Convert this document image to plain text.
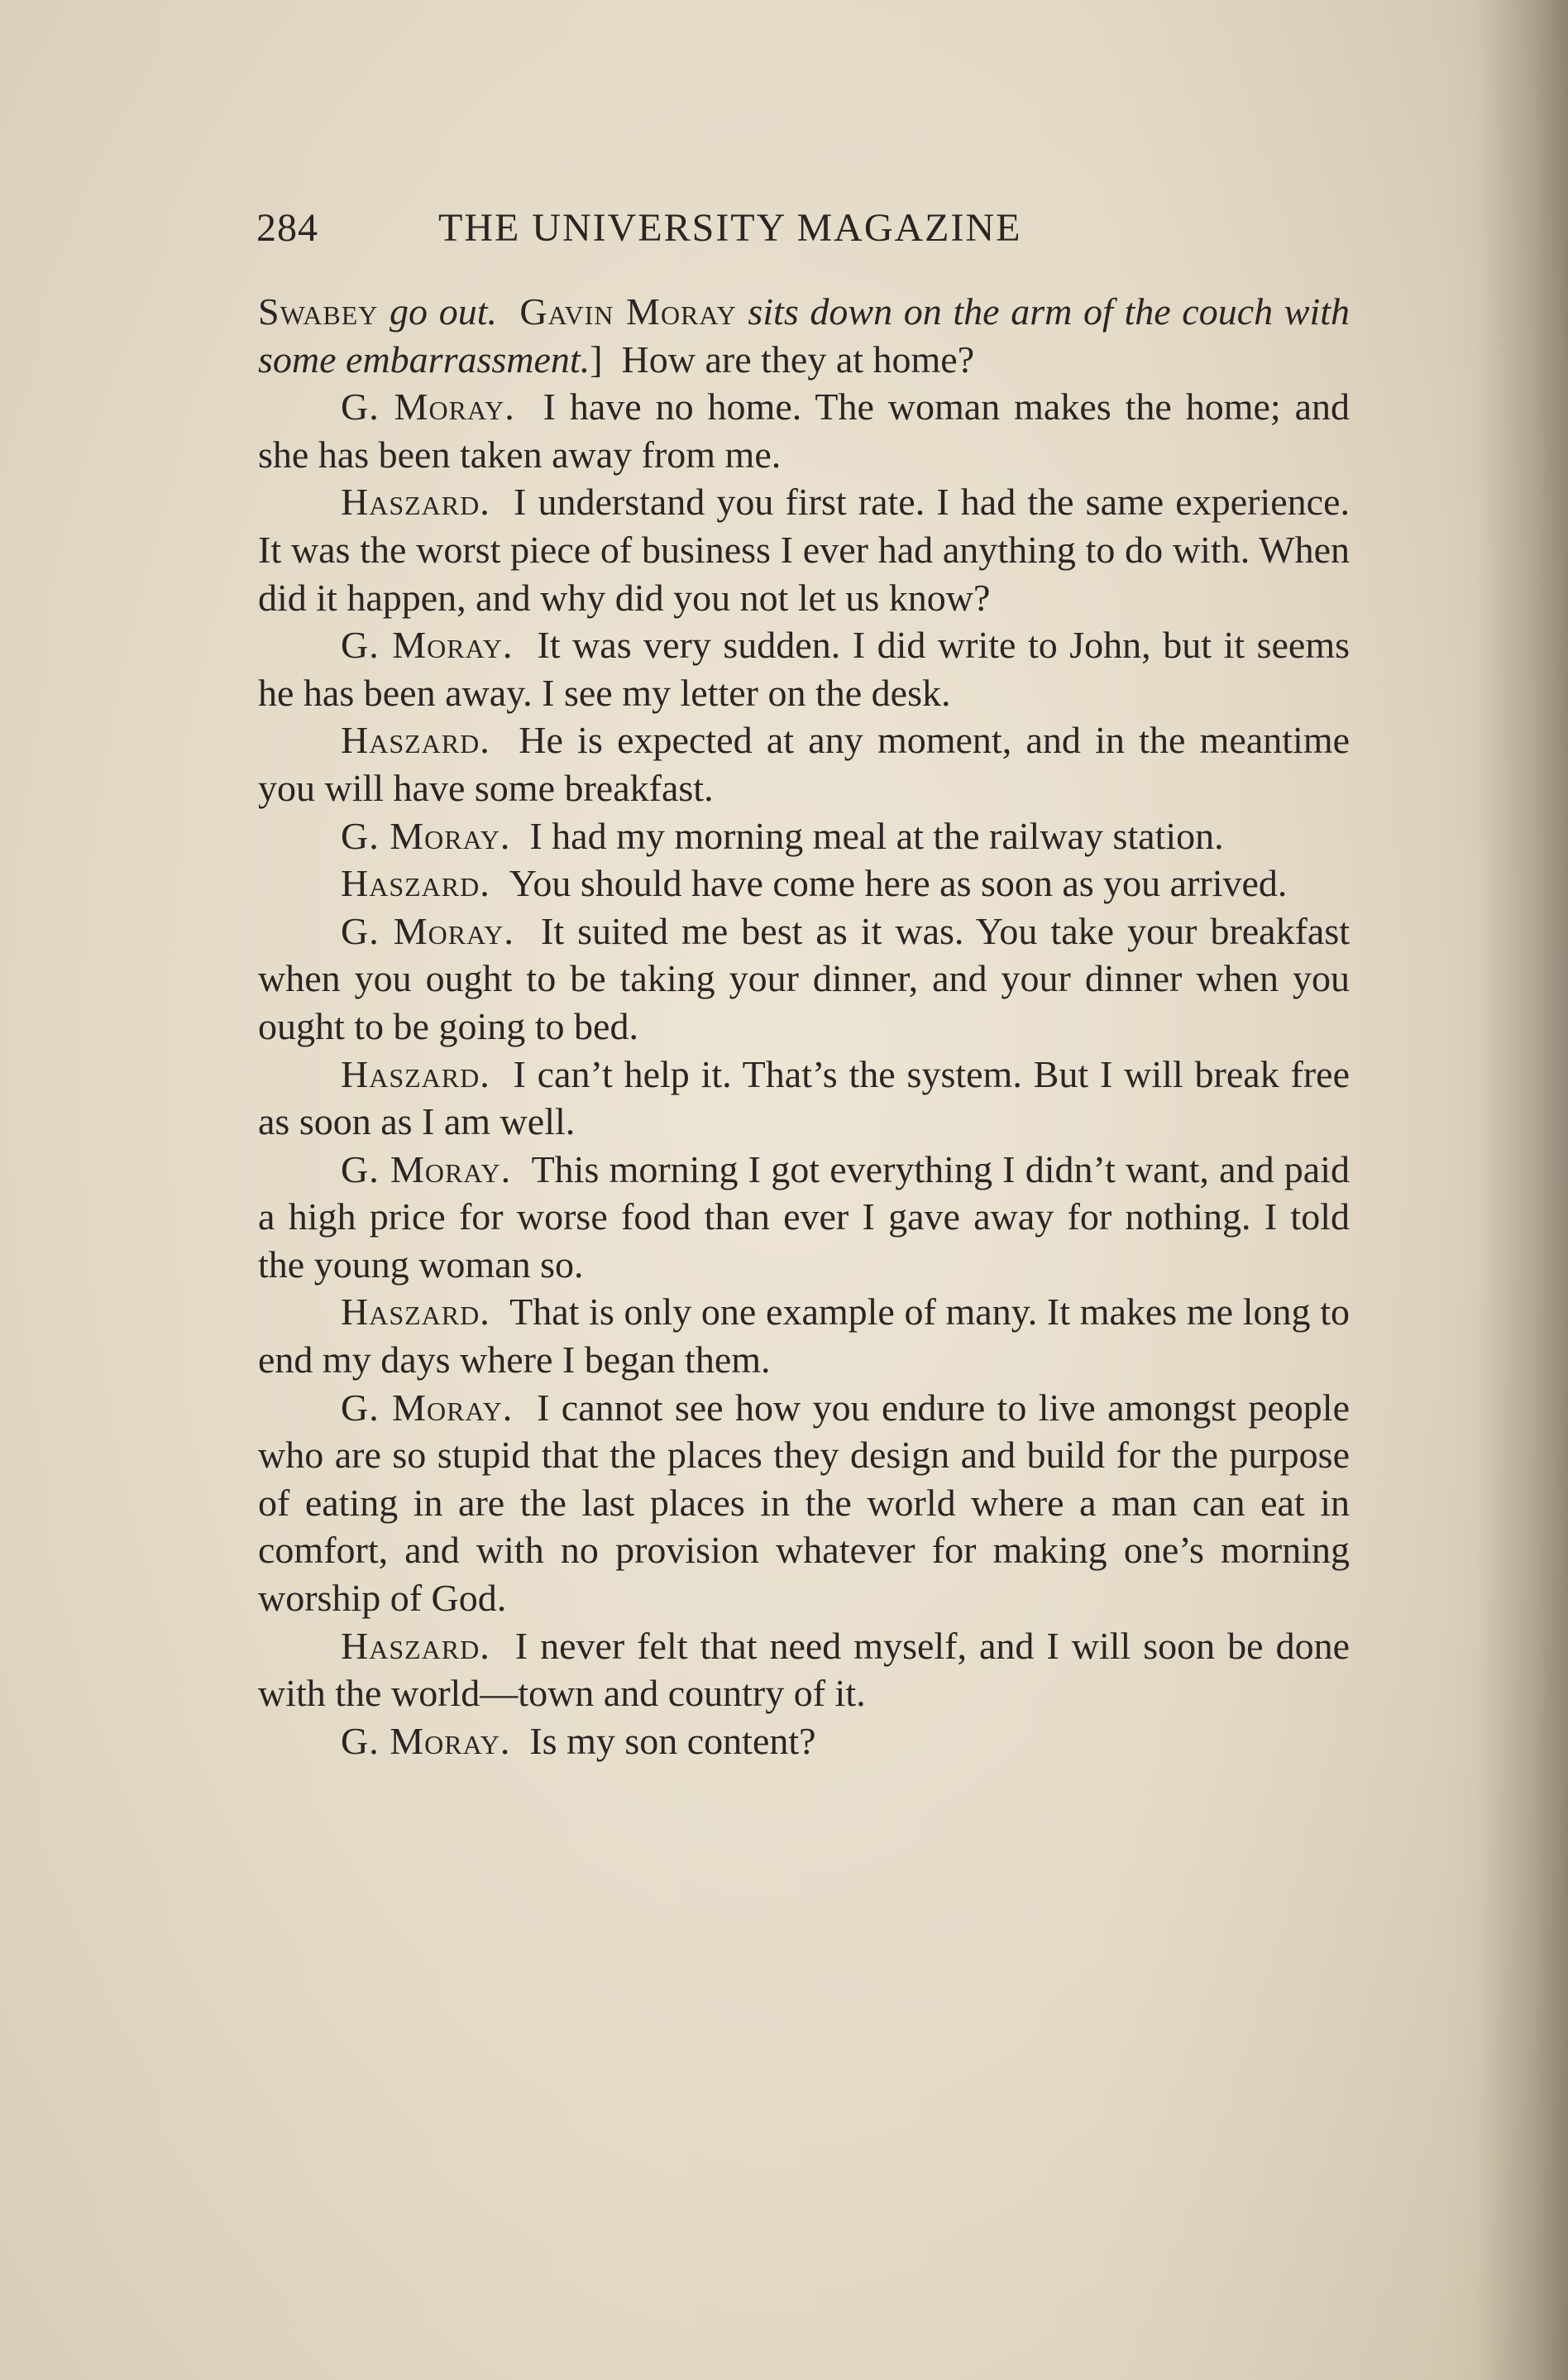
284	THE UNIVERSITY MAGAZINE

Swabey go out. Gavin Moray sits down on the arm of the couch with some embarrassment.] How are they at home?

G. Moray. I have no home. The woman makes the home; and she has been taken away from me.

Haszard. I understand you first rate. I had the same experience. It was the worst piece of business I ever had anything to do with. When did it happen, and why did you not let us know?

G. Moray. It was very sudden. I did write to John, but it seems he has been away. I see my letter on the desk.

Haszard. He is expected at any moment, and in the meantime you will have some breakfast.

G. Moray. I had my morning meal at the railway station.

Haszard. You should have come here as soon as you arrived.

G. Moray. It suited me best as it was. You take your breakfast when you ought to be taking your dinner, and your dinner when you ought to be going to bed.

Haszard. I can’t help it. That’s the system. But I will break free as soon as I am well.

G. Moray. This morning I got everything I didn’t want, and paid a high price for worse food than ever I gave away for nothing. I told the young woman so.

Haszard. That is only one example of many. It makes me long to end my days where I began them.

G. Moray. I cannot see how you endure to live amongst people who are so stupid that the places they design and build for the purpose of eating in are the last places in the world where a man can eat in comfort, and with no provision whatever for making one’s morning worship of God.

Haszard. I never felt that need myself, and I will soon be done with the world—town and country of it.

G. Moray. Is my son content?
